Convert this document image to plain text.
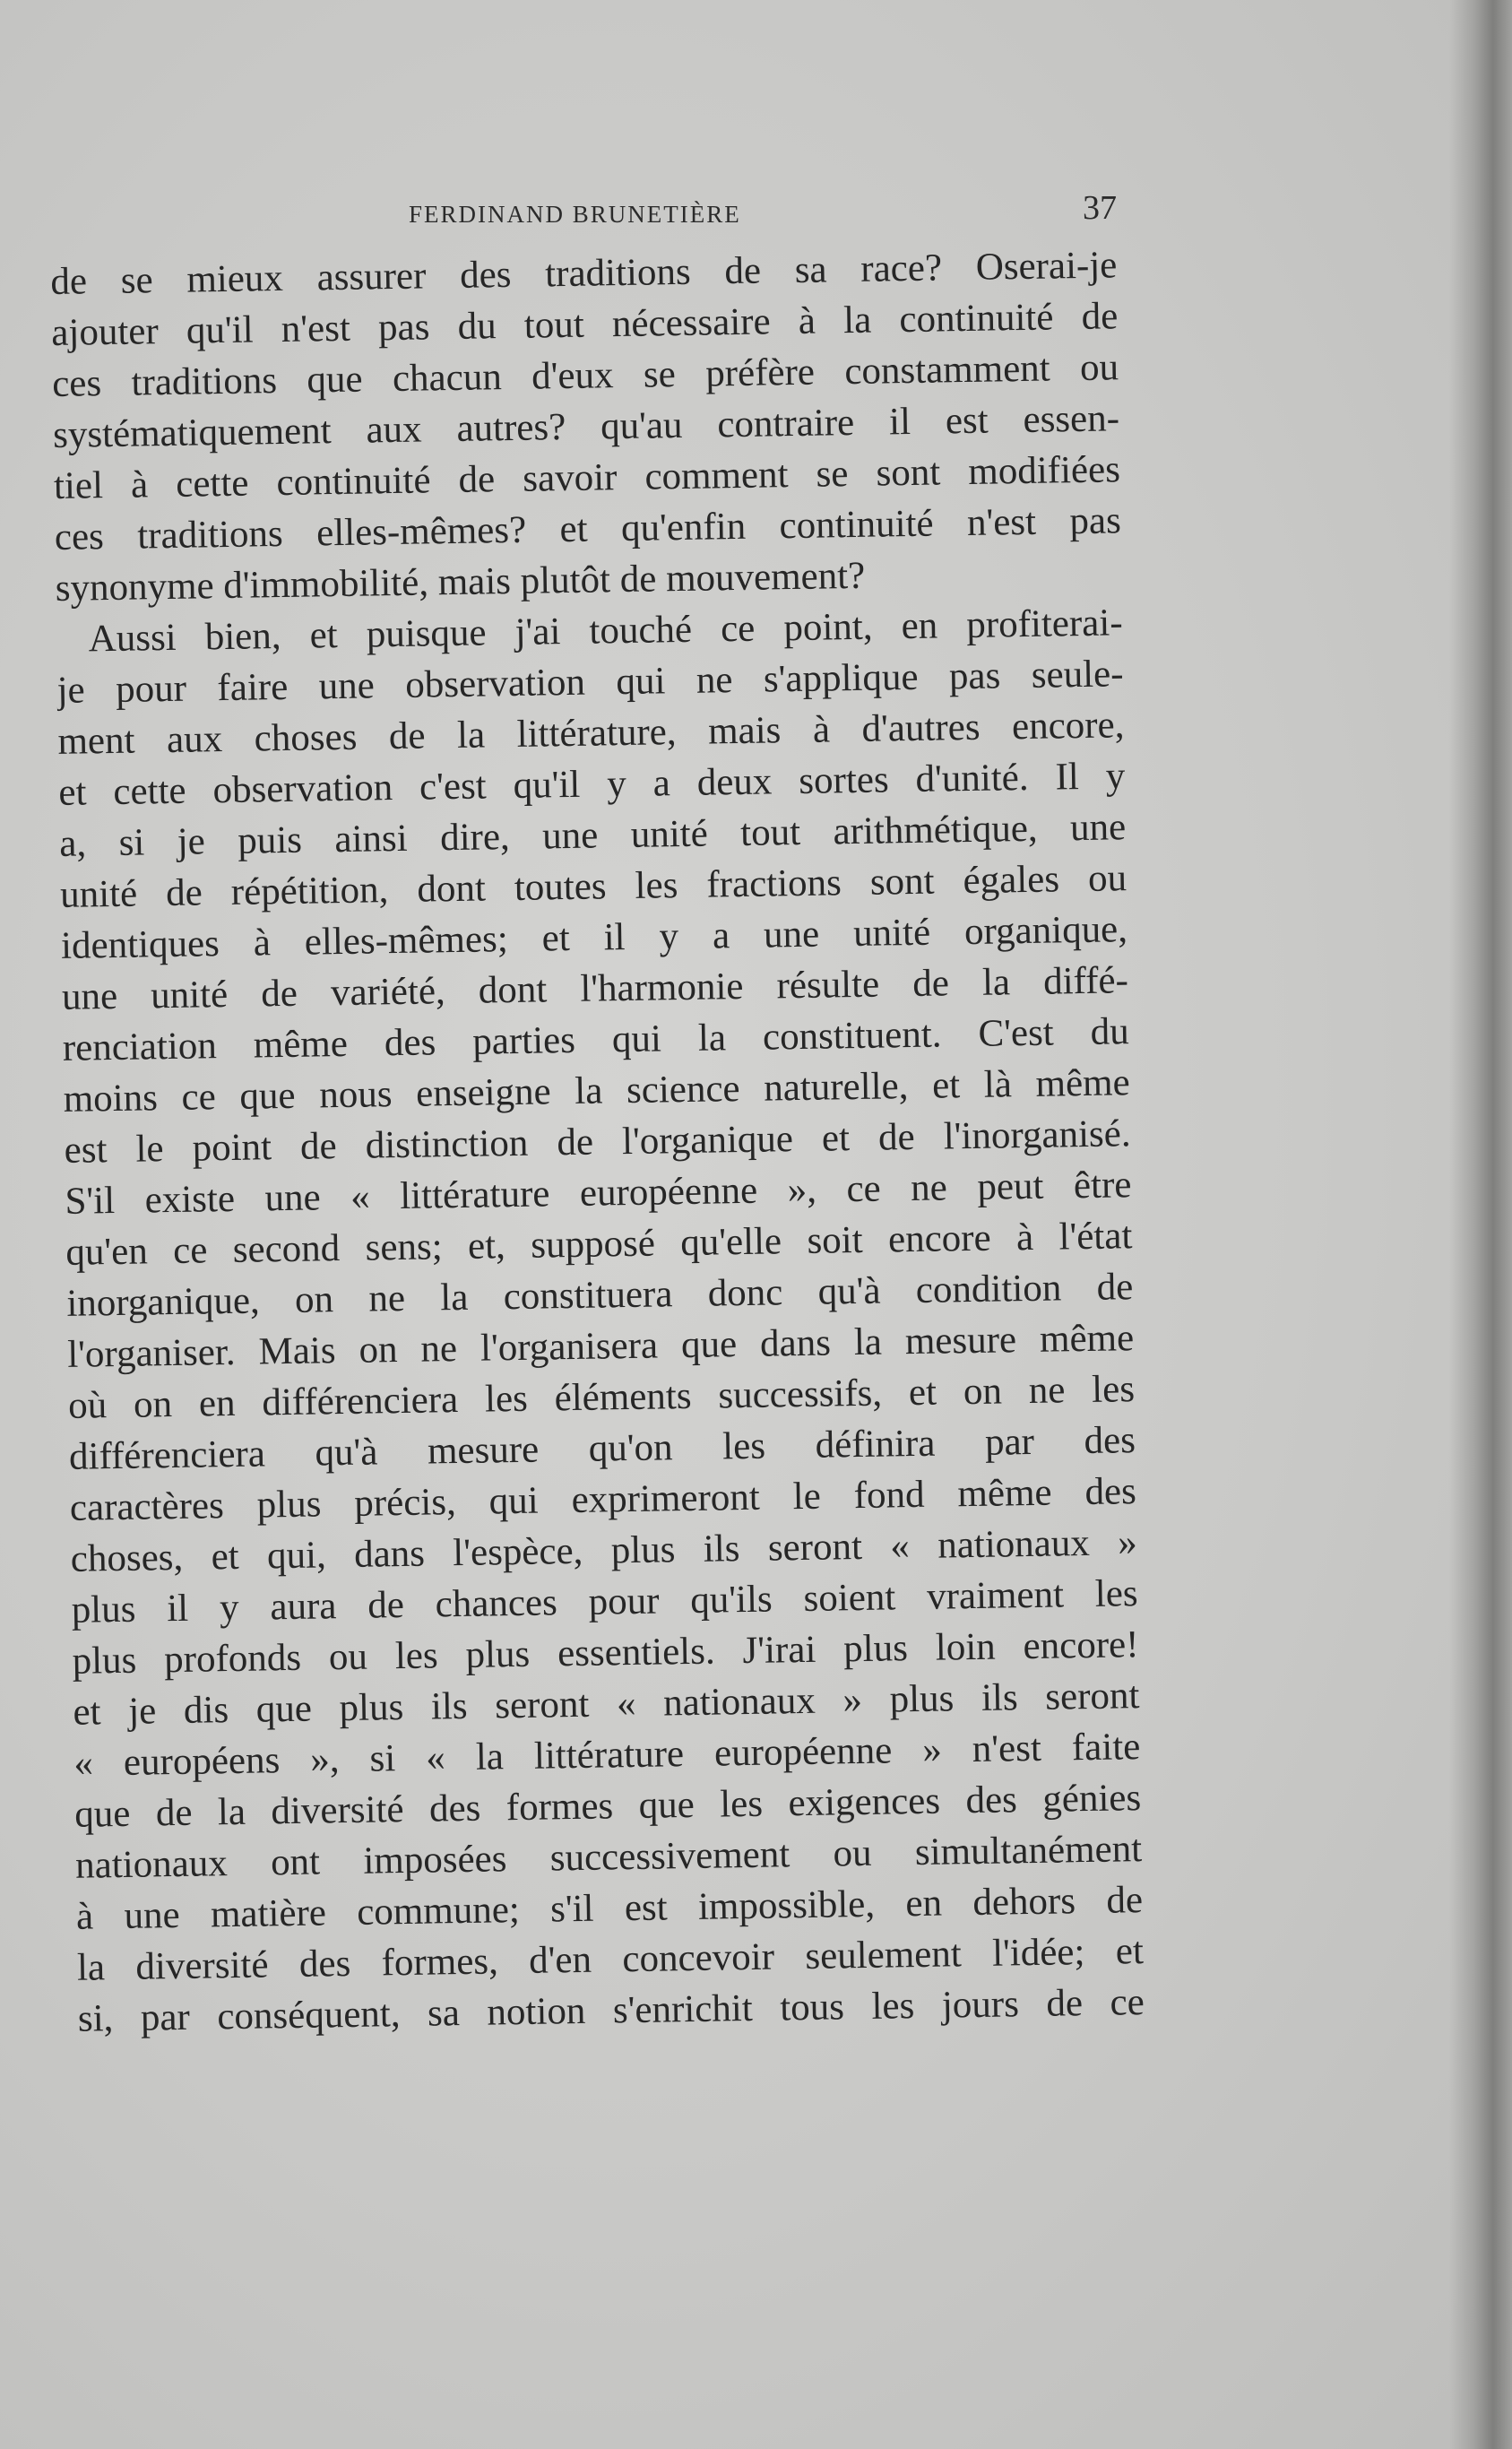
FERDINAND BRUNETIÈRE	37
de se mieux assurer des traditions de sa race? Oserai-je
ajouter qu'il n'est pas du tout nécessaire à la continuité de
ces traditions que chacun d'eux se préfère constamment ou
systématiquement aux autres? qu'au contraire il est essen-
tiel à cette continuité de savoir comment se sont modifiées
ces traditions elles-mêmes? et qu'enfin continuité n'est pas
synonyme d'immobilité, mais plutôt de mouvement?
Aussi bien, et puisque j'ai touché ce point, en profiterai-
je pour faire une observation qui ne s'applique pas seule-
ment aux choses de la littérature, mais à d'autres encore,
et cette observation c'est qu'il y a deux sortes d'unité. Il y
a, si je puis ainsi dire, une unité tout arithmétique, une
unité de répétition, dont toutes les fractions sont égales ou
identiques à elles-mêmes; et il y a une unité organique,
une unité de variété, dont l'harmonie résulte de la diffé-
renciation même des parties qui la constituent. C'est du
moins ce que nous enseigne la science naturelle, et là même
est le point de distinction de l'organique et de l'inorganisé.
S'il existe une « littérature européenne », ce ne peut être
qu'en ce second sens; et, supposé qu'elle soit encore à l'état
inorganique, on ne la constituera donc qu'à condition de
l'organiser. Mais on ne l'organisera que dans la mesure même
où on en différenciera les éléments successifs, et on ne les
différenciera qu'à mesure qu'on les définira par des
caractères plus précis, qui exprimeront le fond même des
choses, et qui, dans l'espèce, plus ils seront « nationaux »
plus il y aura de chances pour qu'ils soient vraiment les
plus profonds ou les plus essentiels. J'irai plus loin encore!
et je dis que plus ils seront « nationaux » plus ils seront
« européens », si « la littérature européenne » n'est faite
que de la diversité des formes que les exigences des génies
nationaux ont imposées successivement ou simultanément
à une matière commune; s'il est impossible, en dehors de
la diversité des formes, d'en concevoir seulement l'idée; et
si, par conséquent, sa notion s'enrichit tous les jours de ce
